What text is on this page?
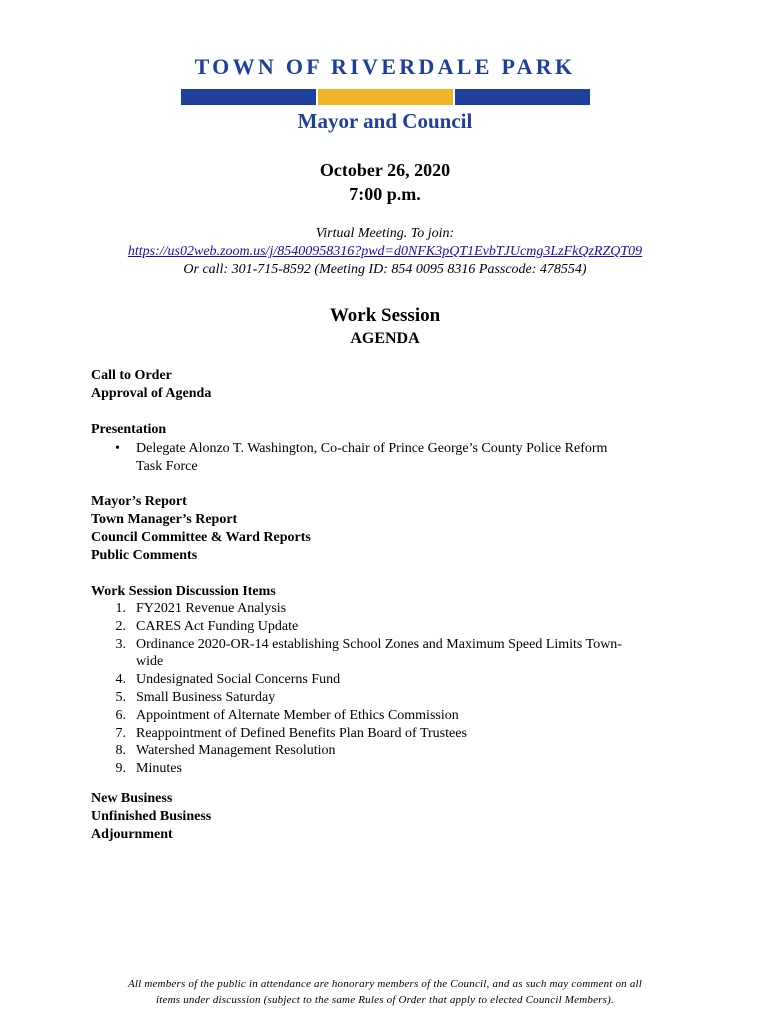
TOWN OF RIVERDALE PARK
Mayor and Council
October 26, 2020
7:00 p.m.
Virtual Meeting. To join:
https://us02web.zoom.us/j/85400958316?pwd=d0NFK3pQT1EvbTJUcmg3LzFkQzRZQT09
Or call: 301-715-8592 (Meeting ID: 854 0095 8316 Passcode: 478554)
Work Session
AGENDA
Call to Order
Approval of Agenda
Presentation
• Delegate Alonzo T. Washington, Co-chair of Prince George’s County Police Reform
Task Force
Mayor’s Report
Town Manager’s Report
Council Committee & Ward Reports
Public Comments
Work Session Discussion Items
1. FY2021 Revenue Analysis
2. CARES Act Funding Update
3. Ordinance 2020-OR-14 establishing School Zones and Maximum Speed Limits Town-
wide
4. Undesignated Social Concerns Fund
5. Small Business Saturday
6. Appointment of Alternate Member of Ethics Commission
7. Reappointment of Defined Benefits Plan Board of Trustees
8. Watershed Management Resolution
9. Minutes
New Business
Unfinished Business
Adjournment
All members of the public in attendance are honorary members of the Council, and as such may comment on all
items under discussion (subject to the same Rules of Order that apply to elected Council Members).
